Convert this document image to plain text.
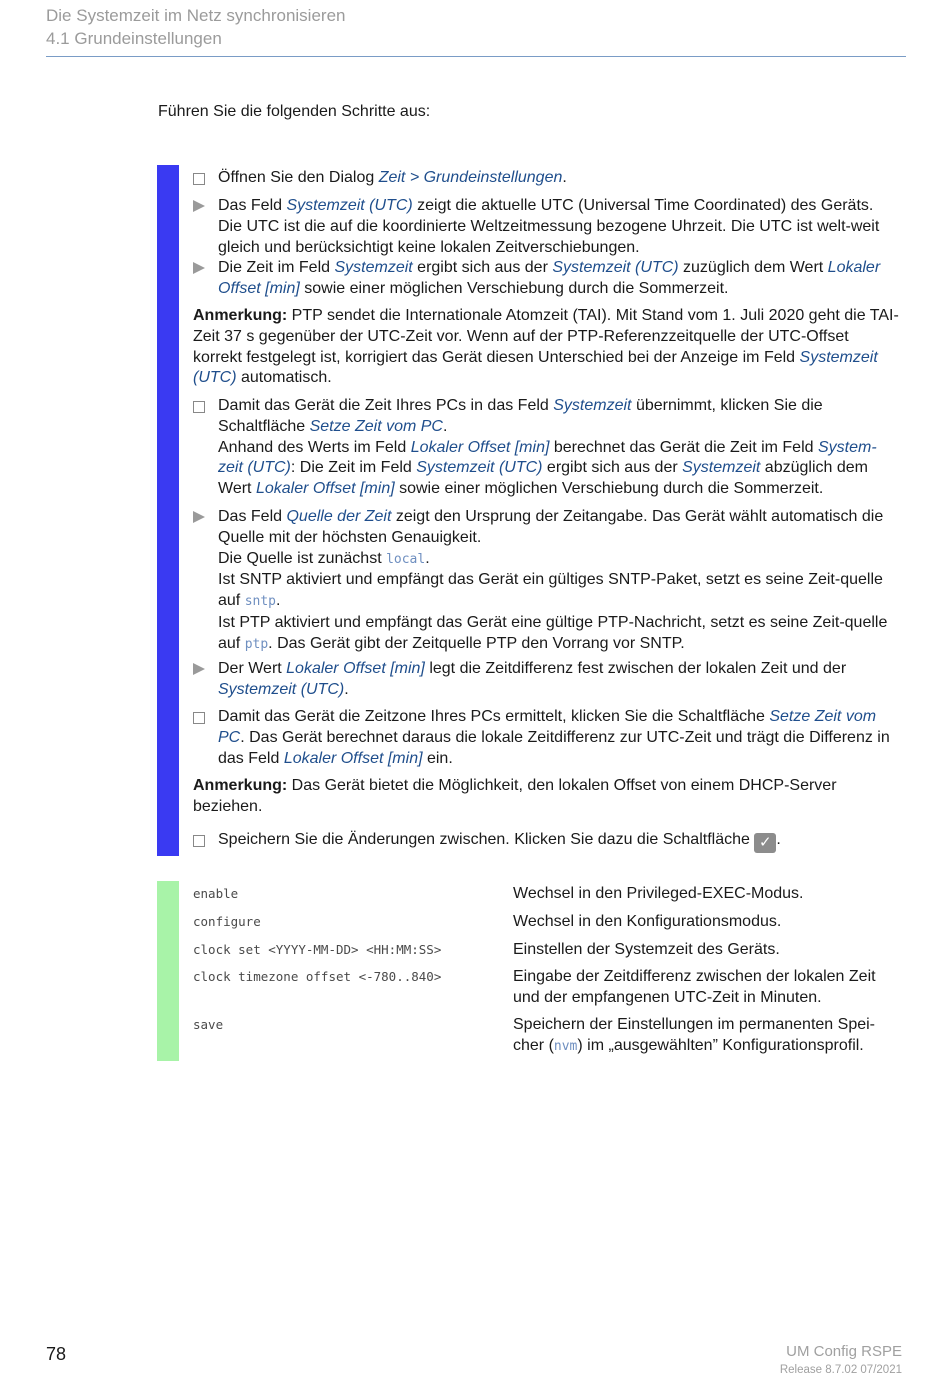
Die Systemzeit im Netz synchronisieren
4.1 Grundeinstellungen
Führen Sie die folgenden Schritte aus:
Öffnen Sie den Dialog Zeit > Grundeinstellungen.
Das Feld Systemzeit (UTC) zeigt die aktuelle UTC (Universal Time Coordinated) des Geräts. Die UTC ist die auf die koordinierte Weltzeitmessung bezogene Uhrzeit. Die UTC ist welt-weit gleich und berücksichtigt keine lokalen Zeitverschiebungen.
Die Zeit im Feld Systemzeit ergibt sich aus der Systemzeit (UTC) zuzüglich dem Wert Lokaler Offset [min] sowie einer möglichen Verschiebung durch die Sommerzeit.
Anmerkung: PTP sendet die Internationale Atomzeit (TAI). Mit Stand vom 1. Juli 2020 geht die TAI-Zeit 37 s gegenüber der UTC-Zeit vor. Wenn auf der PTP-Referenzzeitquelle der UTC-Offset korrekt festgelegt ist, korrigiert das Gerät diesen Unterschied bei der Anzeige im Feld Systemzeit (UTC) automatisch.

Damit das Gerät die Zeit Ihres PCs in das Feld Systemzeit übernimmt, klicken Sie die Schaltfläche Setze Zeit vom PC.

Anhand des Werts im Feld Lokaler Offset [min] berechnet das Gerät die Zeit im Feld System-zeit (UTC): Die Zeit im Feld Systemzeit (UTC) ergibt sich aus der Systemzeit abzüglich dem Wert Lokaler Offset [min] sowie einer möglichen Verschiebung durch die Sommerzeit.

Das Feld Quelle der Zeit zeigt den Ursprung der Zeitangabe. Das Gerät wählt automatisch die Quelle mit der höchsten Genauigkeit.

Die Quelle ist zunächst local.

Ist SNTP aktiviert und empfängt das Gerät ein gültiges SNTP-Paket, setzt es seine Zeit-quelle auf sntp.

Ist PTP aktiviert und empfängt das Gerät eine gültige PTP-Nachricht, setzt es seine Zeit-quelle auf ptp. Das Gerät gibt der Zeitquelle PTP den Vorrang vor SNTP.

Der Wert Lokaler Offset [min] legt die Zeitdifferenz fest zwischen der lokalen Zeit und der Systemzeit (UTC).
Damit das Gerät die Zeitzone Ihres PCs ermittelt, klicken Sie die Schaltfläche Setze Zeit vom PC. Das Gerät berechnet daraus die lokale Zeitdifferenz zur UTC-Zeit und trägt die Differenz in das Feld Lokaler Offset [min] ein.
Anmerkung: Das Gerät bietet die Möglichkeit, den lokalen Offset von einem DHCP-Server beziehen.
Speichern Sie die Änderungen zwischen. Klicken Sie dazu die Schaltfläche ✓ .
enable	Wechsel in den Privileged-EXEC-Modus.
configure	Wechsel in den Konfigurationsmodus.
clock set <YYYY-MM-DD> <HH:MM:SS>	Einstellen der Systemzeit des Geräts.
clock timezone offset <-780..840>	Eingabe der Zeitdifferenz zwischen der lokalen Zeit und der empfangenen UTC-Zeit in Minuten.
save	Speichern der Einstellungen im permanenten Spei-cher (nvm) im „ausgewählten” Konfigurationsprofil.
78	UM Config RSPE
Release 8.7.02 07/2021
